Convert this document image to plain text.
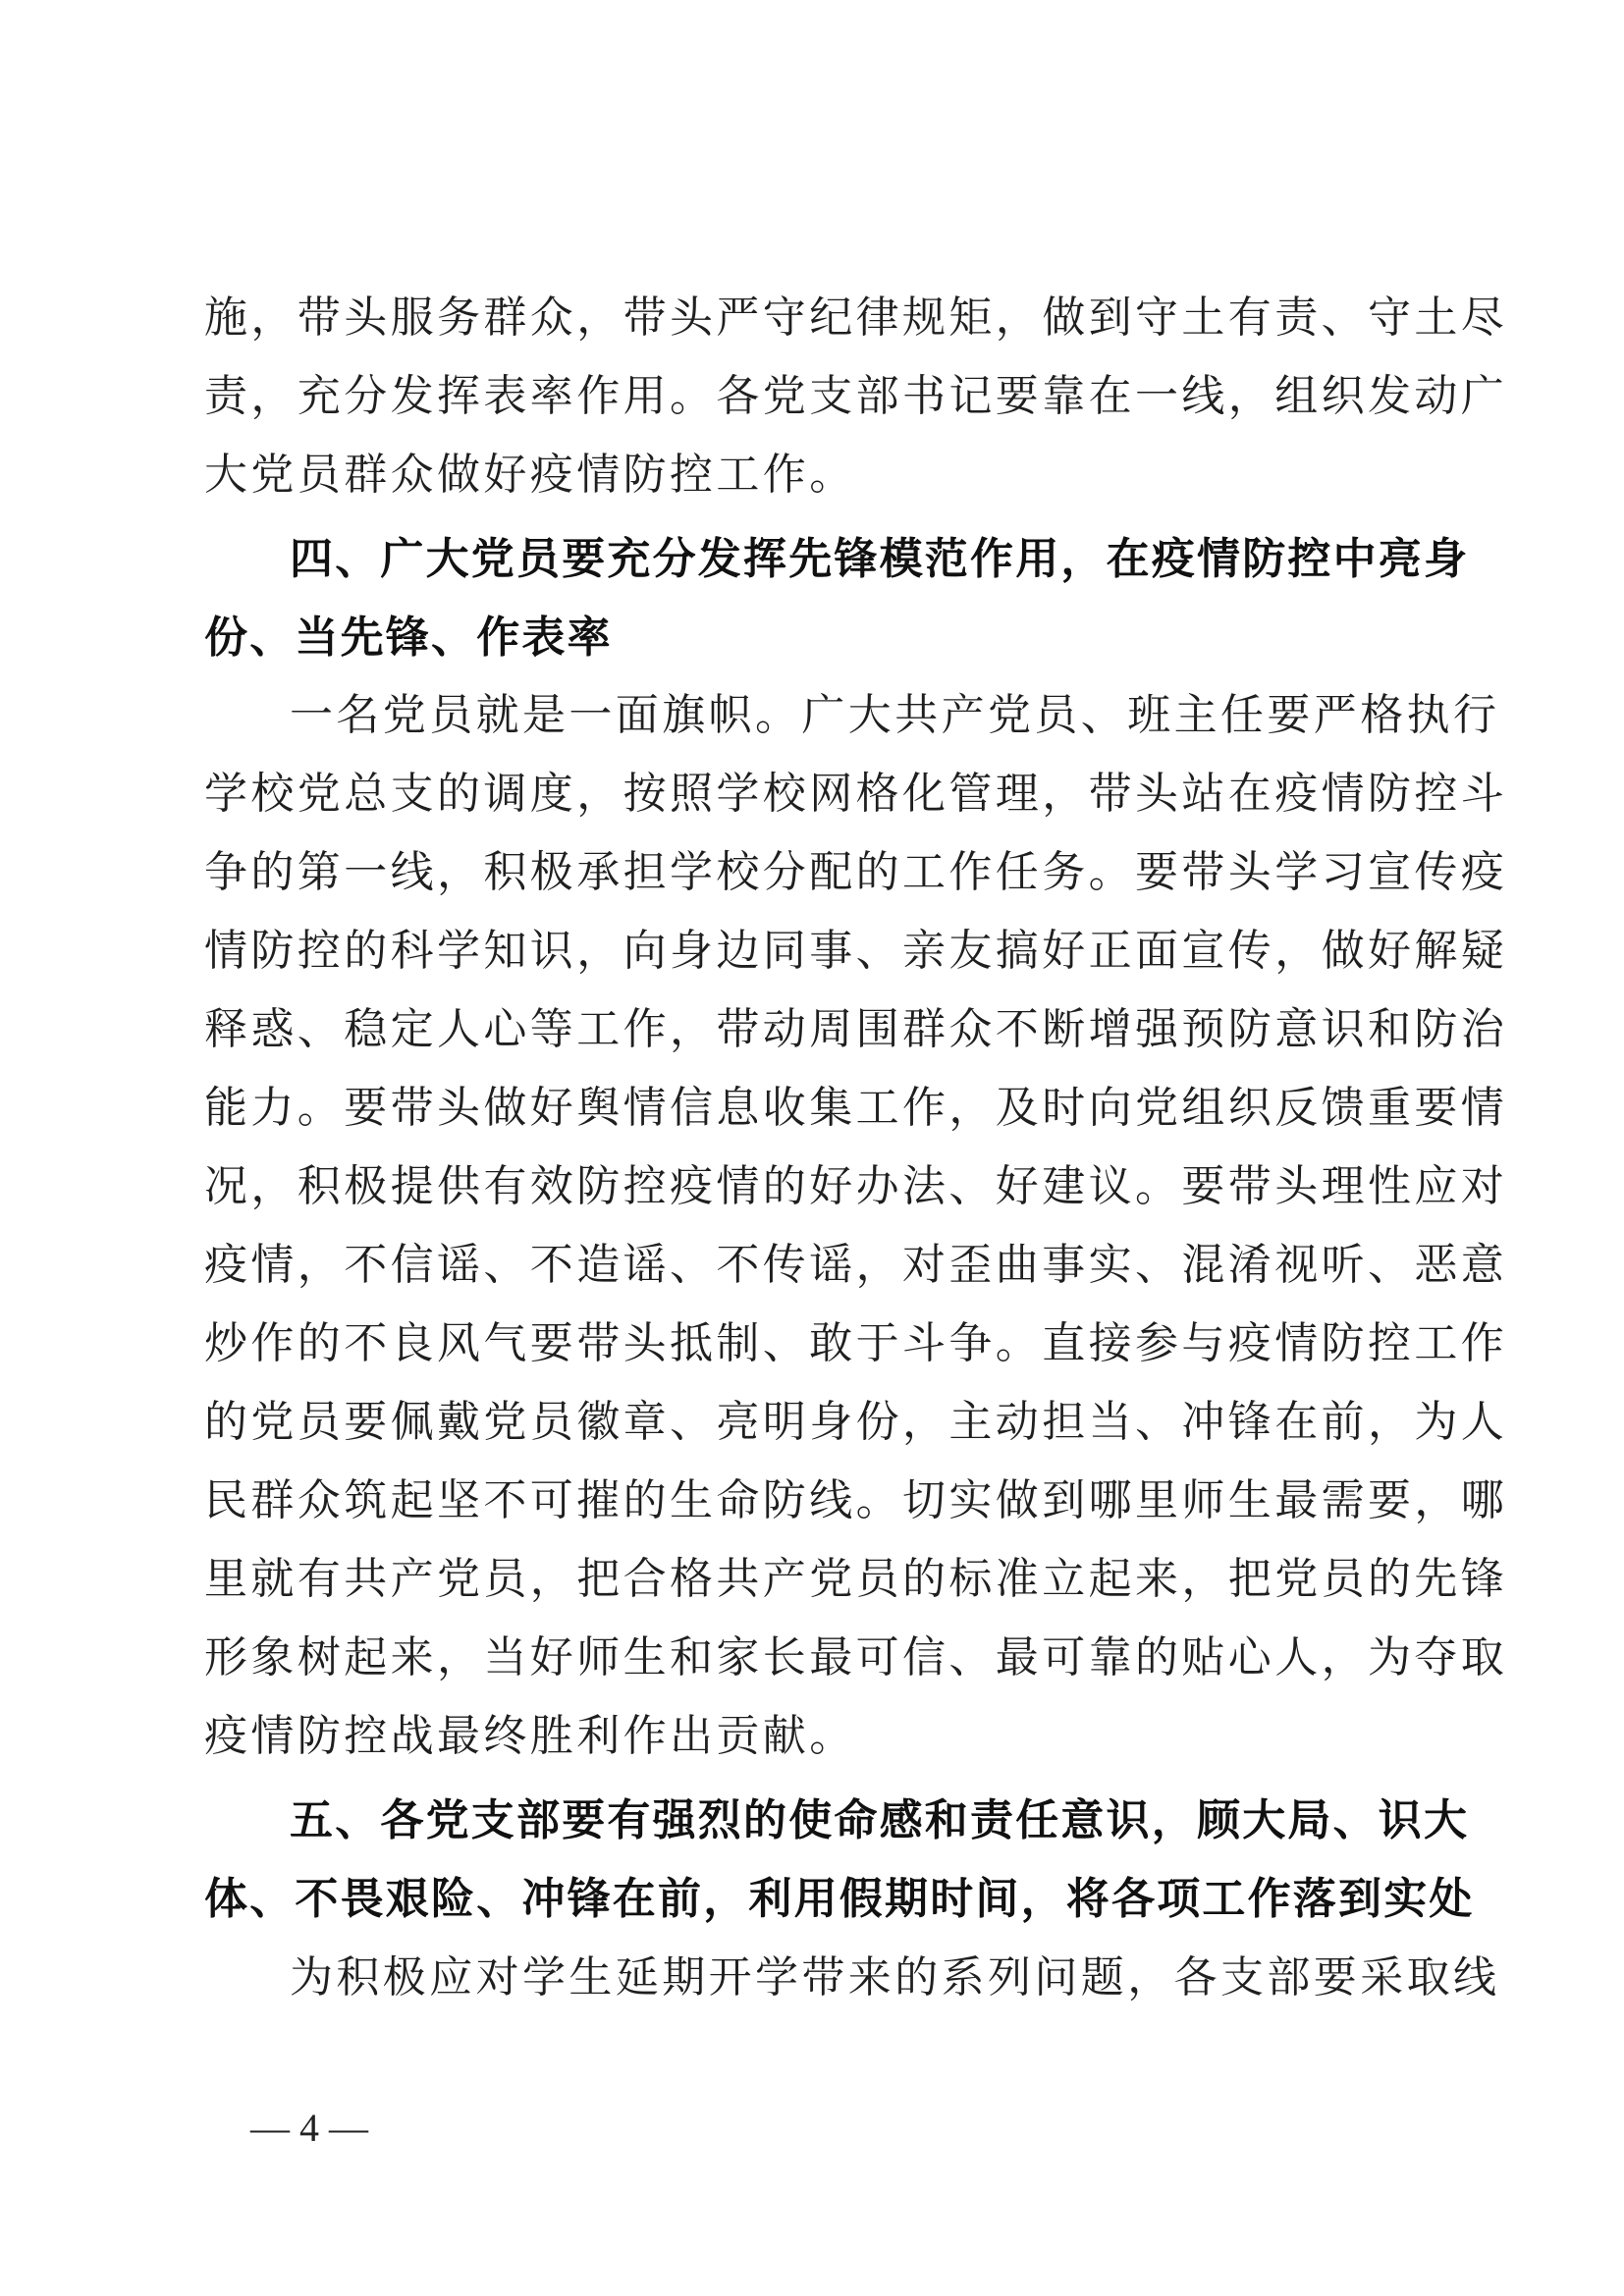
施，带头服务群众，带头严守纪律规矩，做到守土有责、守土尽
责，充分发挥表率作用。各党支部书记要靠在一线，组织发动广
大党员群众做好疫情防控工作。
四、广大党员要充分发挥先锋模范作用，在疫情防控中亮身
份、当先锋、作表率
一名党员就是一面旗帜。广大共产党员、班主任要严格执行
学校党总支的调度，按照学校网格化管理，带头站在疫情防控斗
争的第一线，积极承担学校分配的工作任务。要带头学习宣传疫
情防控的科学知识，向身边同事、亲友搞好正面宣传，做好解疑
释惑、稳定人心等工作，带动周围群众不断增强预防意识和防治
能力。要带头做好舆情信息收集工作，及时向党组织反馈重要情
况，积极提供有效防控疫情的好办法、好建议。要带头理性应对
疫情，不信谣、不造谣、不传谣，对歪曲事实、混淆视听、恶意
炒作的不良风气要带头抵制、敢于斗争。直接参与疫情防控工作
的党员要佩戴党员徽章、亮明身份，主动担当、冲锋在前，为人
民群众筑起坚不可摧的生命防线。切实做到哪里师生最需要，哪
里就有共产党员，把合格共产党员的标准立起来，把党员的先锋
形象树起来，当好师生和家长最可信、最可靠的贴心人，为夺取
疫情防控战最终胜利作出贡献。
五、各党支部要有强烈的使命感和责任意识，顾大局、识大
体、不畏艰险、冲锋在前，利用假期时间，将各项工作落到实处
为积极应对学生延期开学带来的系列问题，各支部要采取线
— 4 —
